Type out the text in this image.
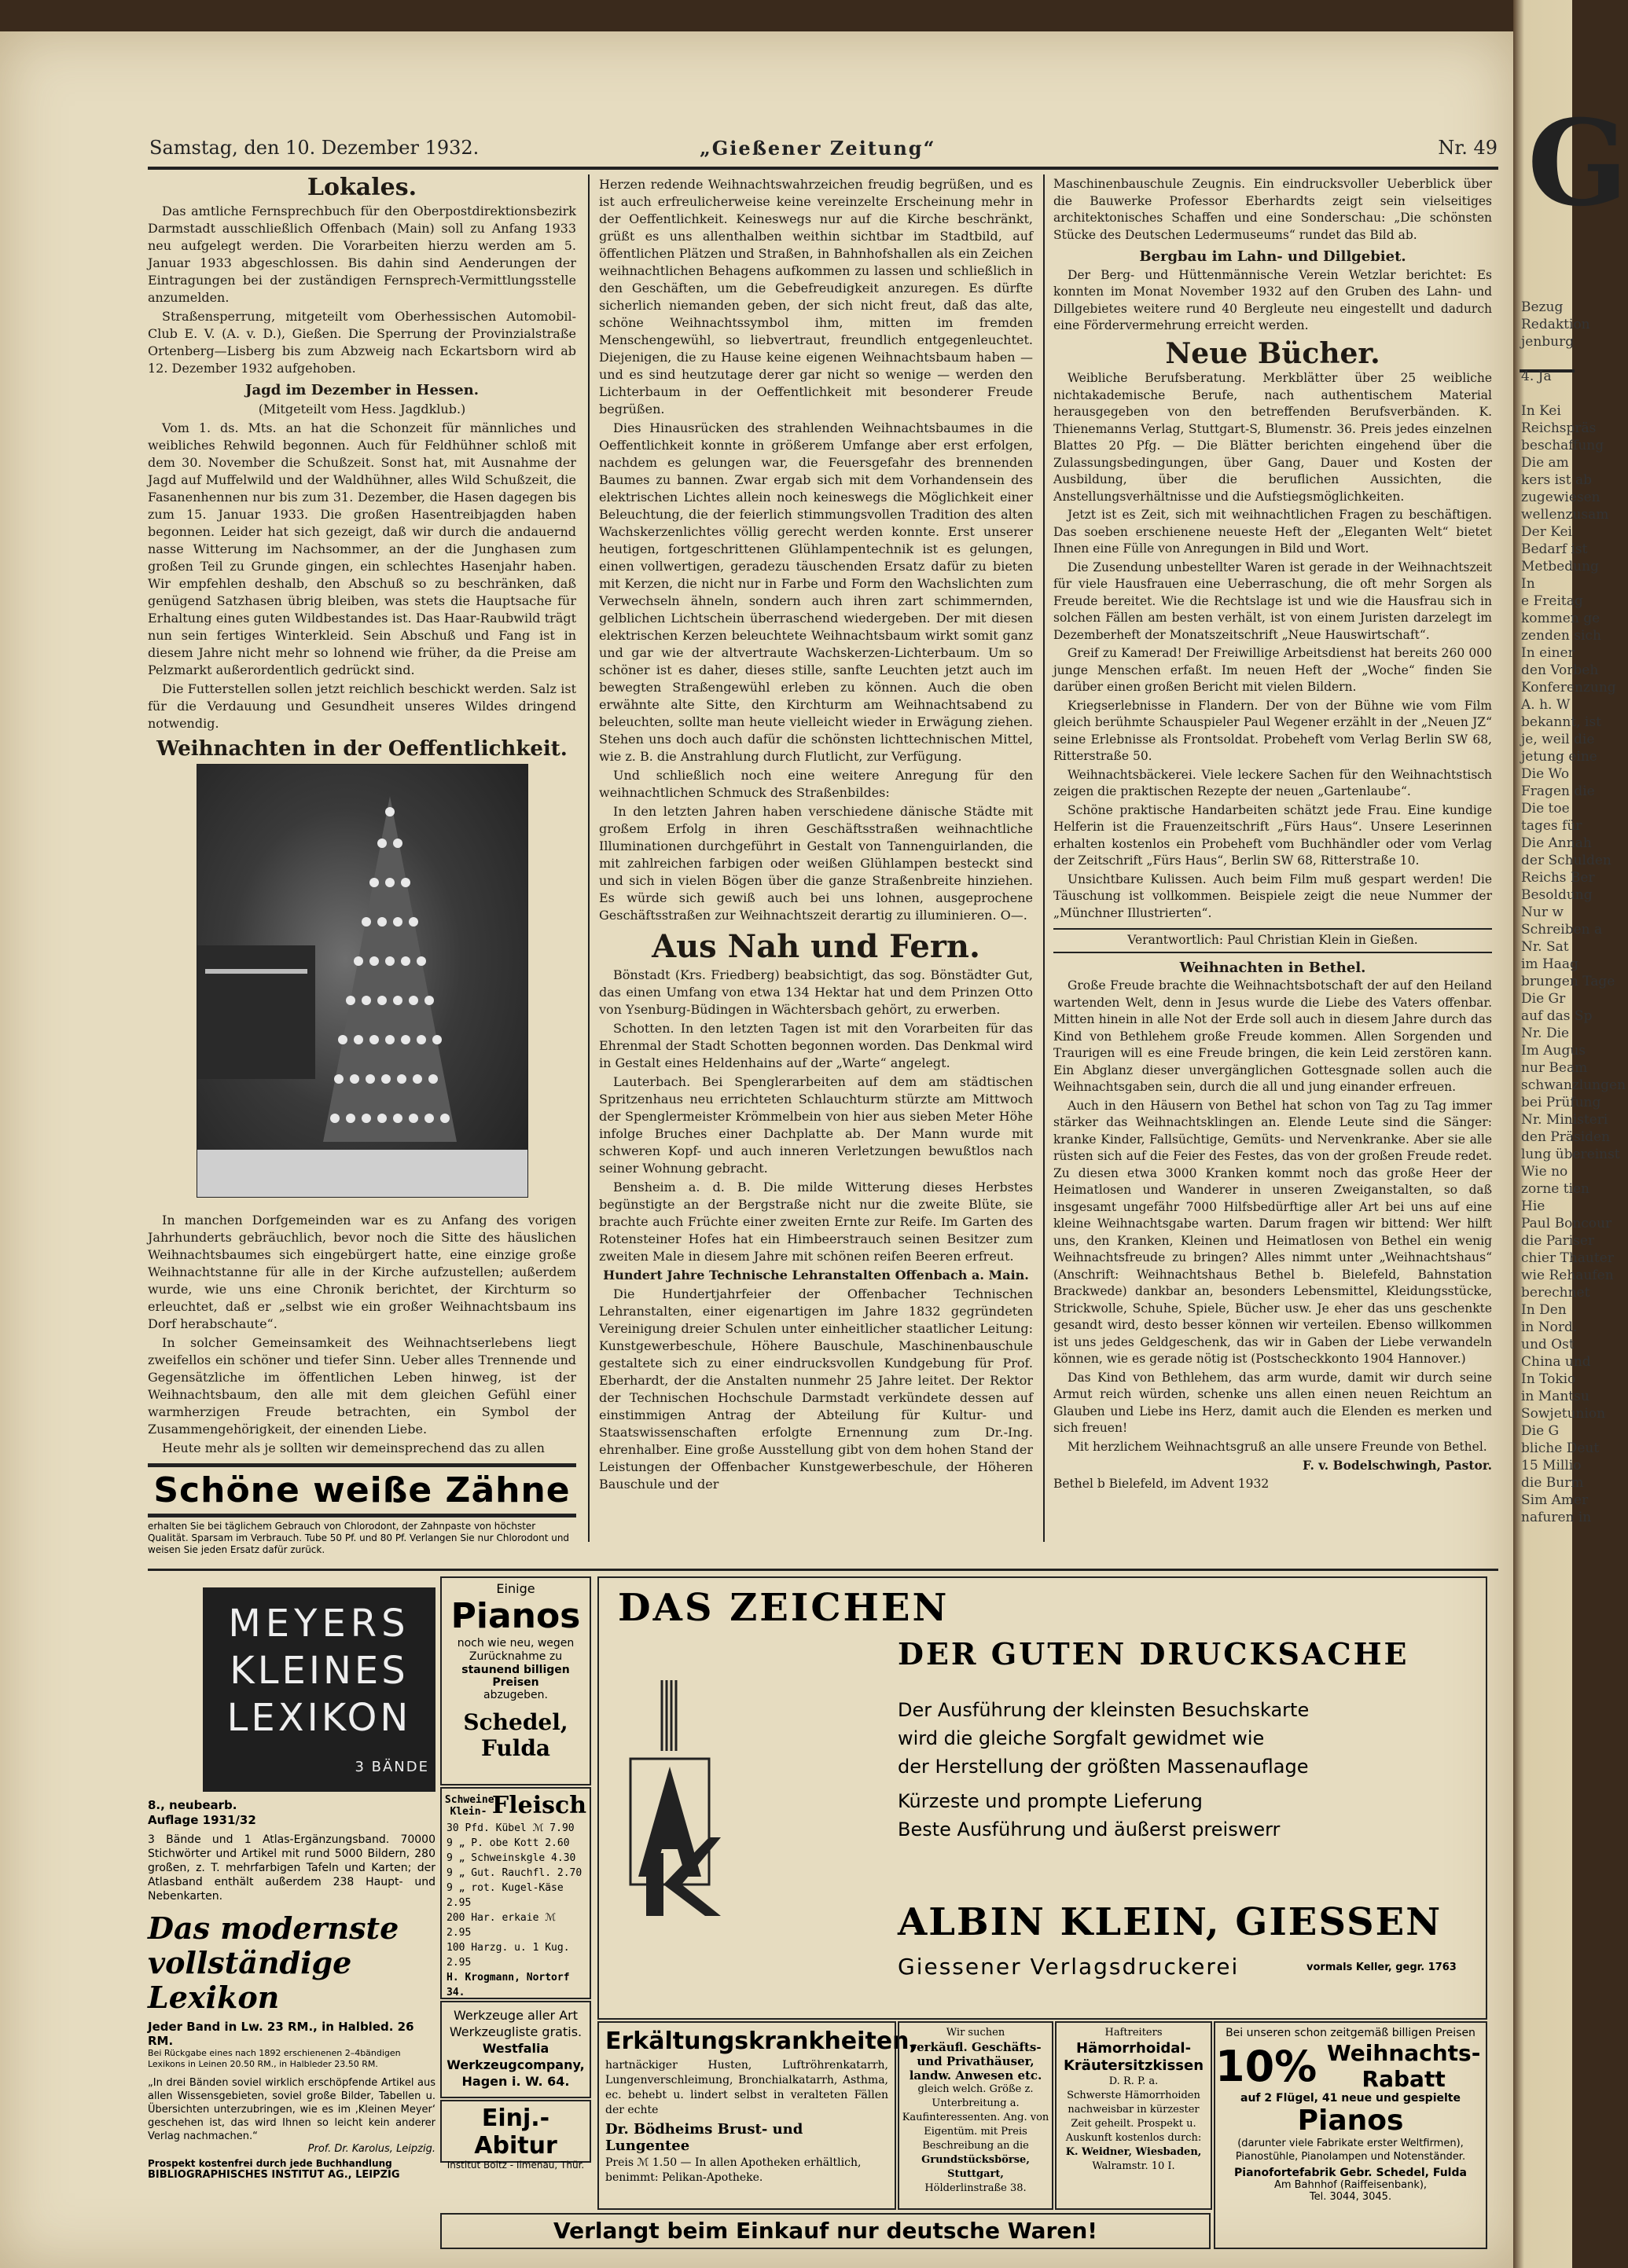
Samstag, den 10. Dezember 1932.	„Gießener Zeitung“	Nr. 49
Lokales.

Das amtliche Fernsprechbuch für den Oberpostdirektionsbezirk Darmstadt ausschließlich Offenbach (Main) soll zu Anfang 1933 neu aufgelegt werden. Die Vorarbeiten hierzu werden am 5. Januar 1933 abgeschlossen. Bis dahin sind Aenderungen der Eintragungen bei der zuständigen Fernsprech-Vermittlungsstelle anzumelden.

Straßensperrung, mitgeteilt vom Oberhessischen Automobil-Club E. V. (A. v. D.), Gießen. Die Sperrung der Provinzialstraße Ortenberg—Lisberg bis zum Abzweig nach Eckartsborn wird ab 12. Dezember 1932 aufgehoben.

Jagd im Dezember in Hessen.

(Mitgeteilt vom Hess. Jagdklub.)

Vom 1. ds. Mts. an hat die Schonzeit für männliches und weibliches Rehwild begonnen. Auch für Feldhühner schloß mit dem 30. November die Schußzeit. Sonst hat, mit Ausnahme der Jagd auf Muffelwild und der Waldhühner, alles Wild Schußzeit, die Fasanenhennen nur bis zum 31. Dezember, die Hasen dagegen bis zum 15. Januar 1933. Die großen Hasentreibjagden haben begonnen. Leider hat sich gezeigt, daß wir durch die andauernd nasse Witterung im Nachsommer, an der die Junghasen zum großen Teil zu Grunde gingen, ein schlechtes Hasenjahr haben. Wir empfehlen deshalb, den Abschuß so zu beschränken, daß genügend Satzhasen übrig bleiben, was stets die Hauptsache für Erhaltung eines guten Wildbestandes ist. Das Haar-Raubwild trägt nun sein fertiges Winterkleid. Sein Abschuß und Fang ist in diesem Jahre nicht mehr so lohnend wie früher, da die Preise am Pelzmarkt außerordentlich gedrückt sind.

Die Futterstellen sollen jetzt reichlich beschickt werden. Salz ist für die Verdauung und Gesundheit unseres Wildes dringend notwendig.

Weihnachten in der Oeffentlichkeit.

In manchen Dorfgemeinden war es zu Anfang des vorigen Jahrhunderts gebräuchlich, bevor noch die Sitte des häuslichen Weihnachtsbaumes sich eingebürgert hatte, eine einzige große Weihnachtstanne für alle in der Kirche aufzustellen; außerdem wurde, wie uns eine Chronik berichtet, der Kirchturm so erleuchtet, daß er „selbst wie ein großer Weihnachtsbaum ins Dorf herabschaute“.

In solcher Gemeinsamkeit des Weihnachtserlebens liegt zweifellos ein schöner und tiefer Sinn. Ueber alles Trennende und Gegensätzliche im öffentlichen Leben hinweg, ist der Weihnachtsbaum, den alle mit dem gleichen Gefühl einer warmherzigen Freude betrachten, ein Symbol der Zusammengehörigkeit, der einenden Liebe.

Heute mehr als je sollten wir demeinsprechend das zu allen

Schöne weiße Zähne
erhalten Sie bei täglichem Gebrauch von Chlorodont, der Zahnpaste von höchster Qualität. Sparsam im Verbrauch. Tube 50 Pf. und 80 Pf. Verlangen Sie nur Chlorodont und weisen Sie jeden Ersatz dafür zurück.

Herzen redende Weihnachtswahrzeichen freudig begrüßen, und es ist auch erfreulicherweise keine vereinzelte Erscheinung mehr in der Oeffentlichkeit. Keineswegs nur auf die Kirche beschränkt, grüßt es uns allenthalben weithin sichtbar im Stadtbild, auf öffentlichen Plätzen und Straßen, in Bahnhofshallen als ein Zeichen weihnachtlichen Behagens aufkommen zu lassen und schließlich in den Geschäften, um die Gebefreudigkeit anzuregen. Es dürfte sicherlich niemanden geben, der sich nicht freut, daß das alte, schöne Weihnachtssymbol ihm, mitten im fremden Menschengewühl, so liebvertraut, freundlich entgegenleuchtet. Diejenigen, die zu Hause keine eigenen Weihnachtsbaum haben — und es sind heutzutage derer gar nicht so wenige — werden den Lichterbaum in der Oeffentlichkeit mit besonderer Freude begrüßen.

Dies Hinausrücken des strahlenden Weihnachtsbaumes in die Oeffentlichkeit konnte in größerem Umfange aber erst erfolgen, nachdem es gelungen war, die Feuersgefahr des brennenden Baumes zu bannen. Zwar ergab sich mit dem Vorhandensein des elektrischen Lichtes allein noch keineswegs die Möglichkeit einer Beleuchtung, die der feierlich stimmungsvollen Tradition des alten Wachskerzenlichtes völlig gerecht werden konnte. Erst unserer heutigen, fortgeschrittenen Glühlampentechnik ist es gelungen, einen vollwertigen, geradezu täuschenden Ersatz dafür zu bieten mit Kerzen, die nicht nur in Farbe und Form den Wachslichten zum Verwechseln ähneln, sondern auch ihren zart schimmernden, gelblichen Lichtschein überraschend wiedergeben. Der mit diesen elektrischen Kerzen beleuchtete Weihnachtsbaum wirkt somit ganz und gar wie der altvertraute Wachskerzen-Lichterbaum. Um so schöner ist es daher, dieses stille, sanfte Leuchten jetzt auch im bewegten Straßengewühl erleben zu können. Auch die oben erwähnte alte Sitte, den Kirchturm am Weihnachtsabend zu beleuchten, sollte man heute vielleicht wieder in Erwägung ziehen. Stehen uns doch auch dafür die schönsten lichttechnischen Mittel, wie z. B. die Anstrahlung durch Flutlicht, zur Verfügung.

Und schließlich noch eine weitere Anregung für den weihnachtlichen Schmuck des Straßenbildes:

In den letzten Jahren haben verschiedene dänische Städte mit großem Erfolg in ihren Geschäftsstraßen weihnachtliche Illuminationen durchgeführt in Gestalt von Tannenguirlanden, die mit zahlreichen farbigen oder weißen Glühlampen besteckt sind und sich in vielen Bögen über die ganze Straßenbreite hinziehen. Es würde sich gewiß auch bei uns lohnen, ausgeprochene Geschäftsstraßen zur Weihnachtszeit derartig zu illuminieren. O—.

Aus Nah und Fern.

Bönstadt (Krs. Friedberg) beabsichtigt, das sog. Bönstädter Gut, das einen Umfang von etwa 134 Hektar hat und dem Prinzen Otto von Ysenburg-Büdingen in Wächtersbach gehört, zu erwerben.

Schotten. In den letzten Tagen ist mit den Vorarbeiten für das Ehrenmal der Stadt Schotten begonnen worden. Das Denkmal wird in Gestalt eines Heldenhains auf der „Warte“ angelegt.

Lauterbach. Bei Spenglerarbeiten auf dem am städtischen Spritzenhaus neu errichteten Schlauchturm stürzte am Mittwoch der Spenglermeister Krömmelbein von hier aus sieben Meter Höhe infolge Bruches einer Dachplatte ab. Der Mann wurde mit schweren Kopf- und auch inneren Verletzungen bewußtlos nach seiner Wohnung gebracht.

Bensheim a. d. B. Die milde Witterung dieses Herbstes begünstigte an der Bergstraße nicht nur die zweite Blüte, sie brachte auch Früchte einer zweiten Ernte zur Reife. Im Garten des Rotensteiner Hofes hat ein Himbeerstrauch seinen Besitzer zum zweiten Male in diesem Jahre mit schönen reifen Beeren erfreut.

Hundert Jahre Technische Lehranstalten Offenbach a. Main.

Die Hundertjahrfeier der Offenbacher Technischen Lehranstalten, einer eigenartigen im Jahre 1832 gegründeten Vereinigung dreier Schulen unter einheitlicher staatlicher Leitung: Kunstgewerbeschule, Höhere Bauschule, Maschinenbauschule gestaltete sich zu einer eindrucksvollen Kundgebung für Prof. Eberhardt, der die Anstalten nunmehr 25 Jahre leitet. Der Rektor der Technischen Hochschule Darmstadt verkündete dessen auf einstimmigen Antrag der Abteilung für Kultur- und Staatswissenschaften erfolgte Ernennung zum Dr.-Ing. ehrenhalber. Eine große Ausstellung gibt von dem hohen Stand der Leistungen der Offenbacher Kunstgewerbeschule, der Höheren Bauschule und der

Maschinenbauschule Zeugnis. Ein eindrucksvoller Ueberblick über die Bauwerke Professor Eberhardts zeigt sein vielseitiges architektonisches Schaffen und eine Sonderschau: „Die schönsten Stücke des Deutschen Ledermuseums“ rundet das Bild ab.

Bergbau im Lahn- und Dillgebiet.

Der Berg- und Hüttenmännische Verein Wetzlar berichtet: Es konnten im Monat November 1932 auf den Gruben des Lahn- und Dillgebietes weitere rund 40 Bergleute neu eingestellt und dadurch eine Fördervermehrung erreicht werden.

Neue Bücher.

Weibliche Berufsberatung. Merkblätter über 25 weibliche nichtakademische Berufe, nach authentischem Material herausgegeben von den betreffenden Berufsverbänden. K. Thienemanns Verlag, Stuttgart-S, Blumenstr. 36. Preis jedes einzelnen Blattes 20 Pfg. — Die Blätter berichten eingehend über die Zulassungsbedingungen, über Gang, Dauer und Kosten der Ausbildung, über die beruflichen Aussichten, die Anstellungsverhältnisse und die Aufstiegsmöglichkeiten.

Jetzt ist es Zeit, sich mit weihnachtlichen Fragen zu beschäftigen. Das soeben erschienene neueste Heft der „Eleganten Welt“ bietet Ihnen eine Fülle von Anregungen in Bild und Wort.

Die Zusendung unbestellter Waren ist gerade in der Weihnachtszeit für viele Hausfrauen eine Ueberraschung, die oft mehr Sorgen als Freude bereitet. Wie die Rechtslage ist und wie die Hausfrau sich in solchen Fällen am besten verhält, ist von einem Juristen darzelegt im Dezemberheft der Monatszeitschrift „Neue Hauswirtschaft“.

Greif zu Kamerad! Der Freiwillige Arbeitsdienst hat bereits 260 000 junge Menschen erfaßt. Im neuen Heft der „Woche“ finden Sie darüber einen großen Bericht mit vielen Bildern.

Kriegserlebnisse in Flandern. Der von der Bühne wie vom Film gleich berühmte Schauspieler Paul Wegener erzählt in der „Neuen JZ“ seine Erlebnisse als Frontsoldat. Probeheft vom Verlag Berlin SW 68, Ritterstraße 50.

Weihnachtsbäckerei. Viele leckere Sachen für den Weihnachtstisch zeigen die praktischen Rezepte der neuen „Gartenlaube“.

Schöne praktische Handarbeiten schätzt jede Frau. Eine kundige Helferin ist die Frauenzeitschrift „Fürs Haus“. Unsere Leserinnen erhalten kostenlos ein Probeheft vom Buchhändler oder vom Verlag der Zeitschrift „Fürs Haus“, Berlin SW 68, Ritterstraße 10.

Unsichtbare Kulissen. Auch beim Film muß gespart werden! Die Täuschung ist vollkommen. Beispiele zeigt die neue Nummer der „Münchner Illustrierten“.

Verantwortlich: Paul Christian Klein in Gießen.
Weihnachten in Bethel.

Große Freude brachte die Weihnachtsbotschaft der auf den Heiland wartenden Welt, denn in Jesus wurde die Liebe des Vaters offenbar. Mitten hinein in alle Not der Erde soll auch in diesem Jahre durch das Kind von Bethlehem große Freude kommen. Allen Sorgenden und Traurigen will es eine Freude bringen, die kein Leid zerstören kann. Ein Abglanz dieser unvergänglichen Gottesgnade sollen auch die Weihnachtsgaben sein, durch die all und jung einander erfreuen.

Auch in den Häusern von Bethel hat schon von Tag zu Tag immer stärker das Weihnachtsklingen an. Elende Leute sind die Sänger: kranke Kinder, Fallsüchtige, Gemüts- und Nervenkranke. Aber sie alle rüsten sich auf die Feier des Festes, das von der großen Freude redet. Zu diesen etwa 3000 Kranken kommt noch das große Heer der Heimatlosen und Wanderer in unseren Zweiganstalten, so daß insgesamt ungefähr 7000 Hilfsbedürftige aller Art bei uns auf eine kleine Weihnachtsgabe warten. Darum fragen wir bittend: Wer hilft uns, den Kranken, Kleinen und Heimatlosen von Bethel ein wenig Weihnachtsfreude zu bringen? Alles nimmt unter „Weihnachtshaus“ (Anschrift: Weihnachtshaus Bethel b. Bielefeld, Bahnstation Brackwede) dankbar an, besonders Lebensmittel, Kleidungsstücke, Strickwolle, Schuhe, Spiele, Bücher usw. Je eher das uns geschenkte gesandt wird, desto besser können wir verteilen. Ebenso willkommen ist uns jedes Geldgeschenk, das wir in Gaben der Liebe verwandeln können, wie es gerade nötig ist (Postscheckkonto 1904 Hannover.)

Das Kind von Bethlehem, das arm wurde, damit wir durch seine Armut reich würden, schenke uns allen einen neuen Reichtum an Glauben und Liebe ins Herz, damit auch die Elenden es merken und sich freuen!

Mit herzlichem Weihnachtsgruß an alle unsere Freunde von Bethel.

F. v. Bodelschwingh, Pastor.

Bethel b Bielefeld, im Advent 1932

MEYERS
KLEINES
LEXIKON
3 BÄNDE
8., neubearb. Auflage 1931/32
3 Bände und 1 Atlas-Ergänzungsband. 70000 Stichwörter und Artikel mit rund 5000 Bildern, 280 großen, z. T. mehrfarbigen Tafeln und Karten; der Atlasband enthält außerdem 238 Haupt- und Nebenkarten.
Das modernste vollständige Lexikon
Jeder Band in Lw. 23 RM., in Halbled. 26 RM.
Bei Rückgabe eines nach 1892 erschienenen 2–4bändigen Lexikons in Leinen 20.50 RM., in Halbleder 23.50 RM.
„In drei Bänden soviel wirklich erschöpfende Artikel aus allen Wissensgebieten, soviel große Bilder, Tabellen u. Übersichten unterzubringen, wie es im ‚Kleinen Meyer‘ geschehen ist, das wird Ihnen so leicht kein anderer Verlag nachmachen.“
Prof. Dr. Karolus, Leipzig.
Prospekt kostenfrei durch jede Buchhandlung
BIBLIOGRAPHISCHES INSTITUT AG., LEIPZIG
Einige
Pianos
noch wie neu, wegen Zurücknahme zu
staunend billigen Preisen
abzugeben.
Schedel, Fulda
Schweine-Klein- Fleisch
30 Pfd. Kübel ℳ 7.90
9 „ P. obe Kott 2.60
9 „ Schweinskgle 4.30
9 „ Gut. Rauchfl. 2.70
9 „ rot. Kugel-Käse 2.95
200 Har. erkaie ℳ 2.95
100 Harzg. u. 1 Kug. 2.95
H. Krogmann, Nortorf 34.
Werkzeuge aller Art Werkzeugliste gratis.
Westfalia Werkzeugcompany, Hagen i. W. 64.
Einj.-Abitur
Institut Boltz - Ilmenau, Thür.
DAS ZEICHEN
DER GUTEN DRUCKSACHE
Der Ausführung der kleinsten Besuchskarte
wird die gleiche Sorgfalt gewidmet wie
der Herstellung der größten Massenauflage
Kürzeste und prompte Lieferung
Beste Ausführung und äußerst preiswerr
ALBIN KLEIN, GIESSEN
Giessener Verlagsdruckerei	vormals Keller, gegr. 1763
Erkältungskrankheiten,
hartnäckiger Husten, Luftröhrenkatarrh, Lungenverschleimung, Bronchialkatarrh, Asthma, ec. behebt u. lindert selbst in veralteten Fällen der echte
Dr. Bödheims Brust- und Lungentee
Preis ℳ 1.50 — In allen Apotheken erhältlich, benimmt: Pelikan-Apotheke.
Wir suchen
verkäufl. Geschäfts- und Privathäuser, landw. Anwesen etc.
gleich welch. Größe z. Unterbreitung a. Kaufinteressenten. Ang. von Eigentüm. mit Preis Beschreibung an die
Grundstücksbörse, Stuttgart,
Hölderlinstraße 38.
Haftreiters
Hämorrhoidal-Kräutersitzkissen
D. R. P. a.
Schwerste Hämorrhoiden nachweisbar in kürzester Zeit geheilt. Prospekt u. Auskunft kostenlos durch:
K. Weidner, Wiesbaden,
Walramstr. 10 I.
Bei unseren schon zeitgemäß billigen Preisen
10% Weihnachts-Rabatt
auf 2 Flügel, 41 neue und gespielte
Pianos
(darunter viele Fabrikate erster Weltfirmen), Pianostühle, Pianolampen und Notenständer.
Pianofortefabrik Gebr. Schedel, Fulda
Am Bahnhof (Raiffeisenbank),
Tel. 3044, 3045.
Verlangt beim Einkauf nur deutsche Waren!
G
Bezug
Redaktion
jenburg

4. Ja

In Kei
Reichspräs
beschaffung
Die am
kers ist ab
zugewiesen
wellenzusam
Der Kei
Bedarf ist
Metbedung
In
e Freitag
kommen ge
zenden sich
In einer
den Vorbeh
Konferenzung
A. h. W
bekannt, ist
je, weil die
jetung eine
Die Wo
Fragen die
Die toe
tages für
Die Annah
der Schulden
Reichs Ber
Besoldung
Nur w
Schreiben a
Nr. Sat
im Haag
brungen Tage
Die Gr
auf das Sp
Nr. Die
Im Augus
nur Beam
schwanzlungen
bei Prüfung
Nr. Ministeri
den Präsiden
lung übereinst
Wie no
zorne tien
Hie
Paul Boncour
die Pariser
chier Thauter
wie Rehaufen
berechnet
In Den
in Nord.
und Ost
China und
In Tokio
in Mantsu
Sowjetunion
Die G
bliche Deut
15 Millio
die Burm
Sim Amer
nafuren in
